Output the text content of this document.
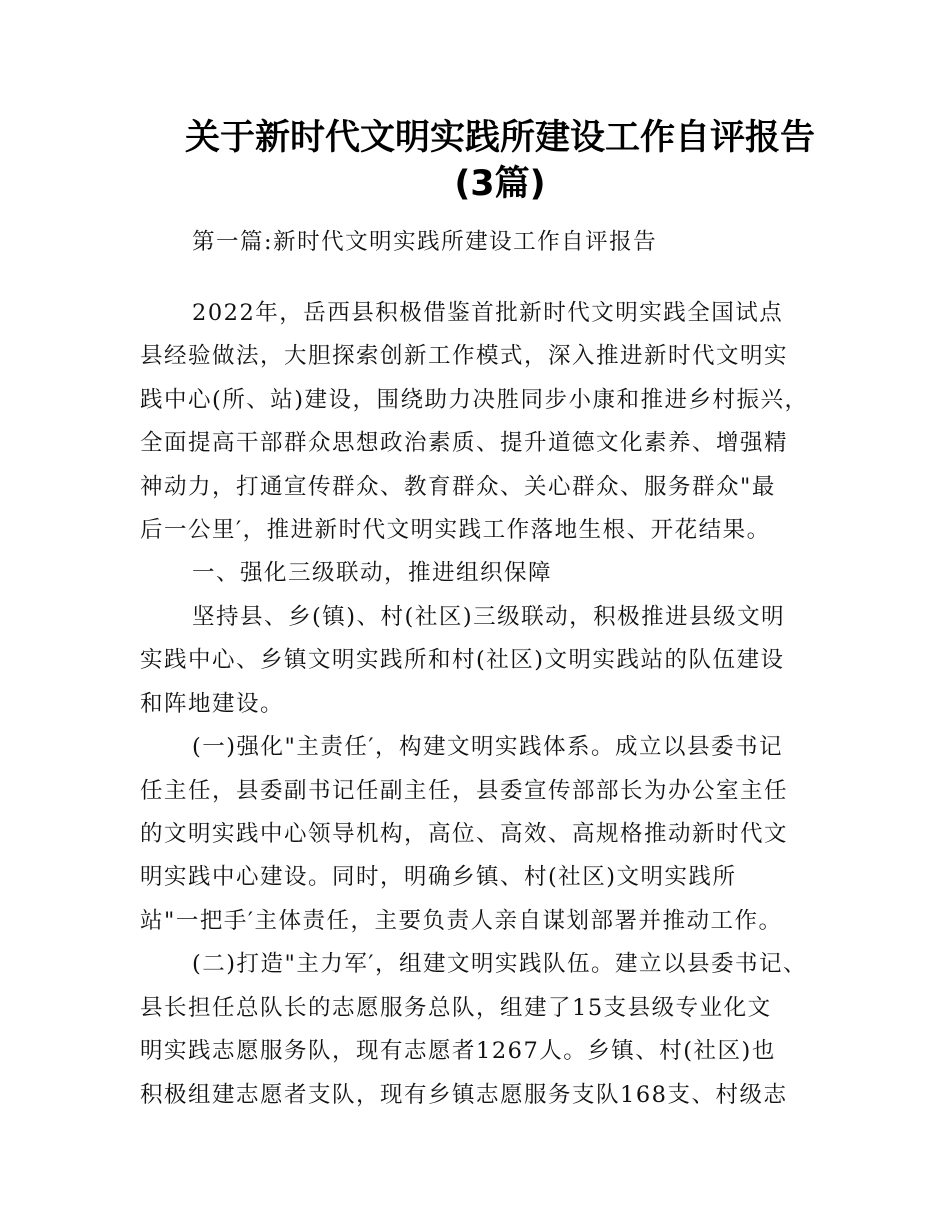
关于新时代文明实践所建设工作自评报告
(3篇)
第一篇:新时代文明实践所建设工作自评报告
2022年，岳西县积极借鉴首批新时代文明实践全国试点
县经验做法，大胆探索创新工作模式，深入推进新时代文明实
践中心(所、站)建设，围绕助力决胜同步小康和推进乡村振兴，
全面提高干部群众思想政治素质、提升道德文化素养、增强精
神动力，打通宣传群众、教育群众、关心群众、服务群众"最
后一公里′，推进新时代文明实践工作落地生根、开花结果。
一、强化三级联动，推进组织保障
坚持县、乡(镇)、村(社区)三级联动，积极推进县级文明
实践中心、乡镇文明实践所和村(社区)文明实践站的队伍建设
和阵地建设。
(一)强化"主责任′，构建文明实践体系。成立以县委书记
任主任，县委副书记任副主任，县委宣传部部长为办公室主任
的文明实践中心领导机构，高位、高效、高规格推动新时代文
明实践中心建设。同时，明确乡镇、村(社区)文明实践所
站"一把手′主体责任，主要负责人亲自谋划部署并推动工作。
(二)打造"主力军′，组建文明实践队伍。建立以县委书记、
县长担任总队长的志愿服务总队，组建了15支县级专业化文
明实践志愿服务队，现有志愿者1267人。乡镇、村(社区)也
积极组建志愿者支队，现有乡镇志愿服务支队168支、村级志
